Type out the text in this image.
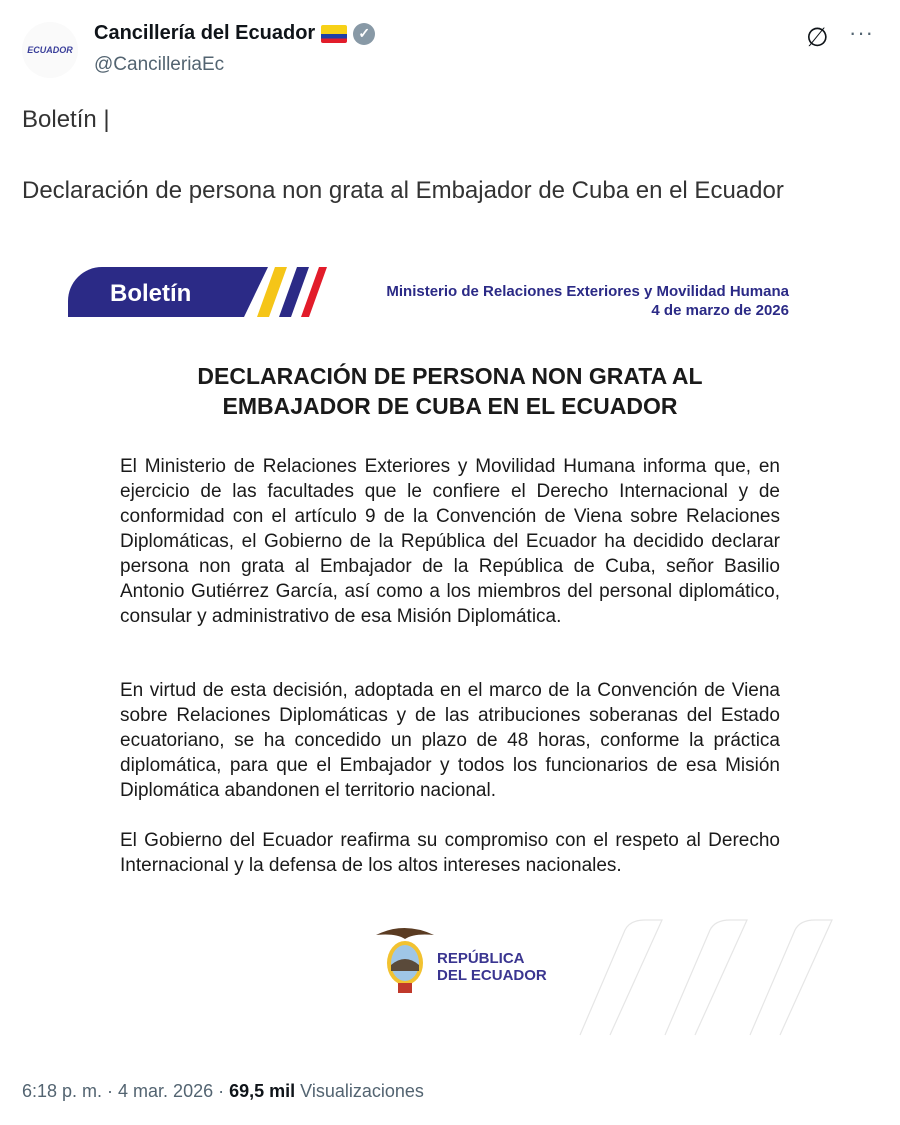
ECUADOR
Cancillería del Ecuador	✓
@CancilleriaEc
∅ ···
Boletín |
Declaración de persona non grata al Embajador de Cuba en el Ecuador
Boletín	Ministerio de Relaciones Exteriores y Movilidad Humana
4 de marzo de 2026
DECLARACIÓN DE PERSONA NON GRATA AL
EMBAJADOR DE CUBA EN EL ECUADOR
El Ministerio de Relaciones Exteriores y Movilidad Humana informa que, en ejercicio de las facultades que le confiere el Derecho Internacional y de conformidad con el artículo 9 de la Convención de Viena sobre Relaciones Diplomáticas, el Gobierno de la República del Ecuador ha decidido declarar persona non grata al Embajador de la República de Cuba, señor Basilio Antonio Gutiérrez García, así como a los miembros del personal diplomático, consular y administrativo de esa Misión Diplomática.
En virtud de esta decisión, adoptada en el marco de la Convención de Viena sobre Relaciones Diplomáticas y de las atribuciones soberanas del Estado ecuatoriano, se ha concedido un plazo de 48 horas, conforme la práctica diplomática, para que el Embajador y todos los funcionarios de esa Misión Diplomática abandonen el territorio nacional.
El Gobierno del Ecuador reafirma su compromiso con el respeto al Derecho Internacional y la defensa de los altos intereses nacionales.
REPÚBLICA
DEL ECUADOR
6:18 p. m. · 4 mar. 2026 · 69,5 mil Visualizaciones
